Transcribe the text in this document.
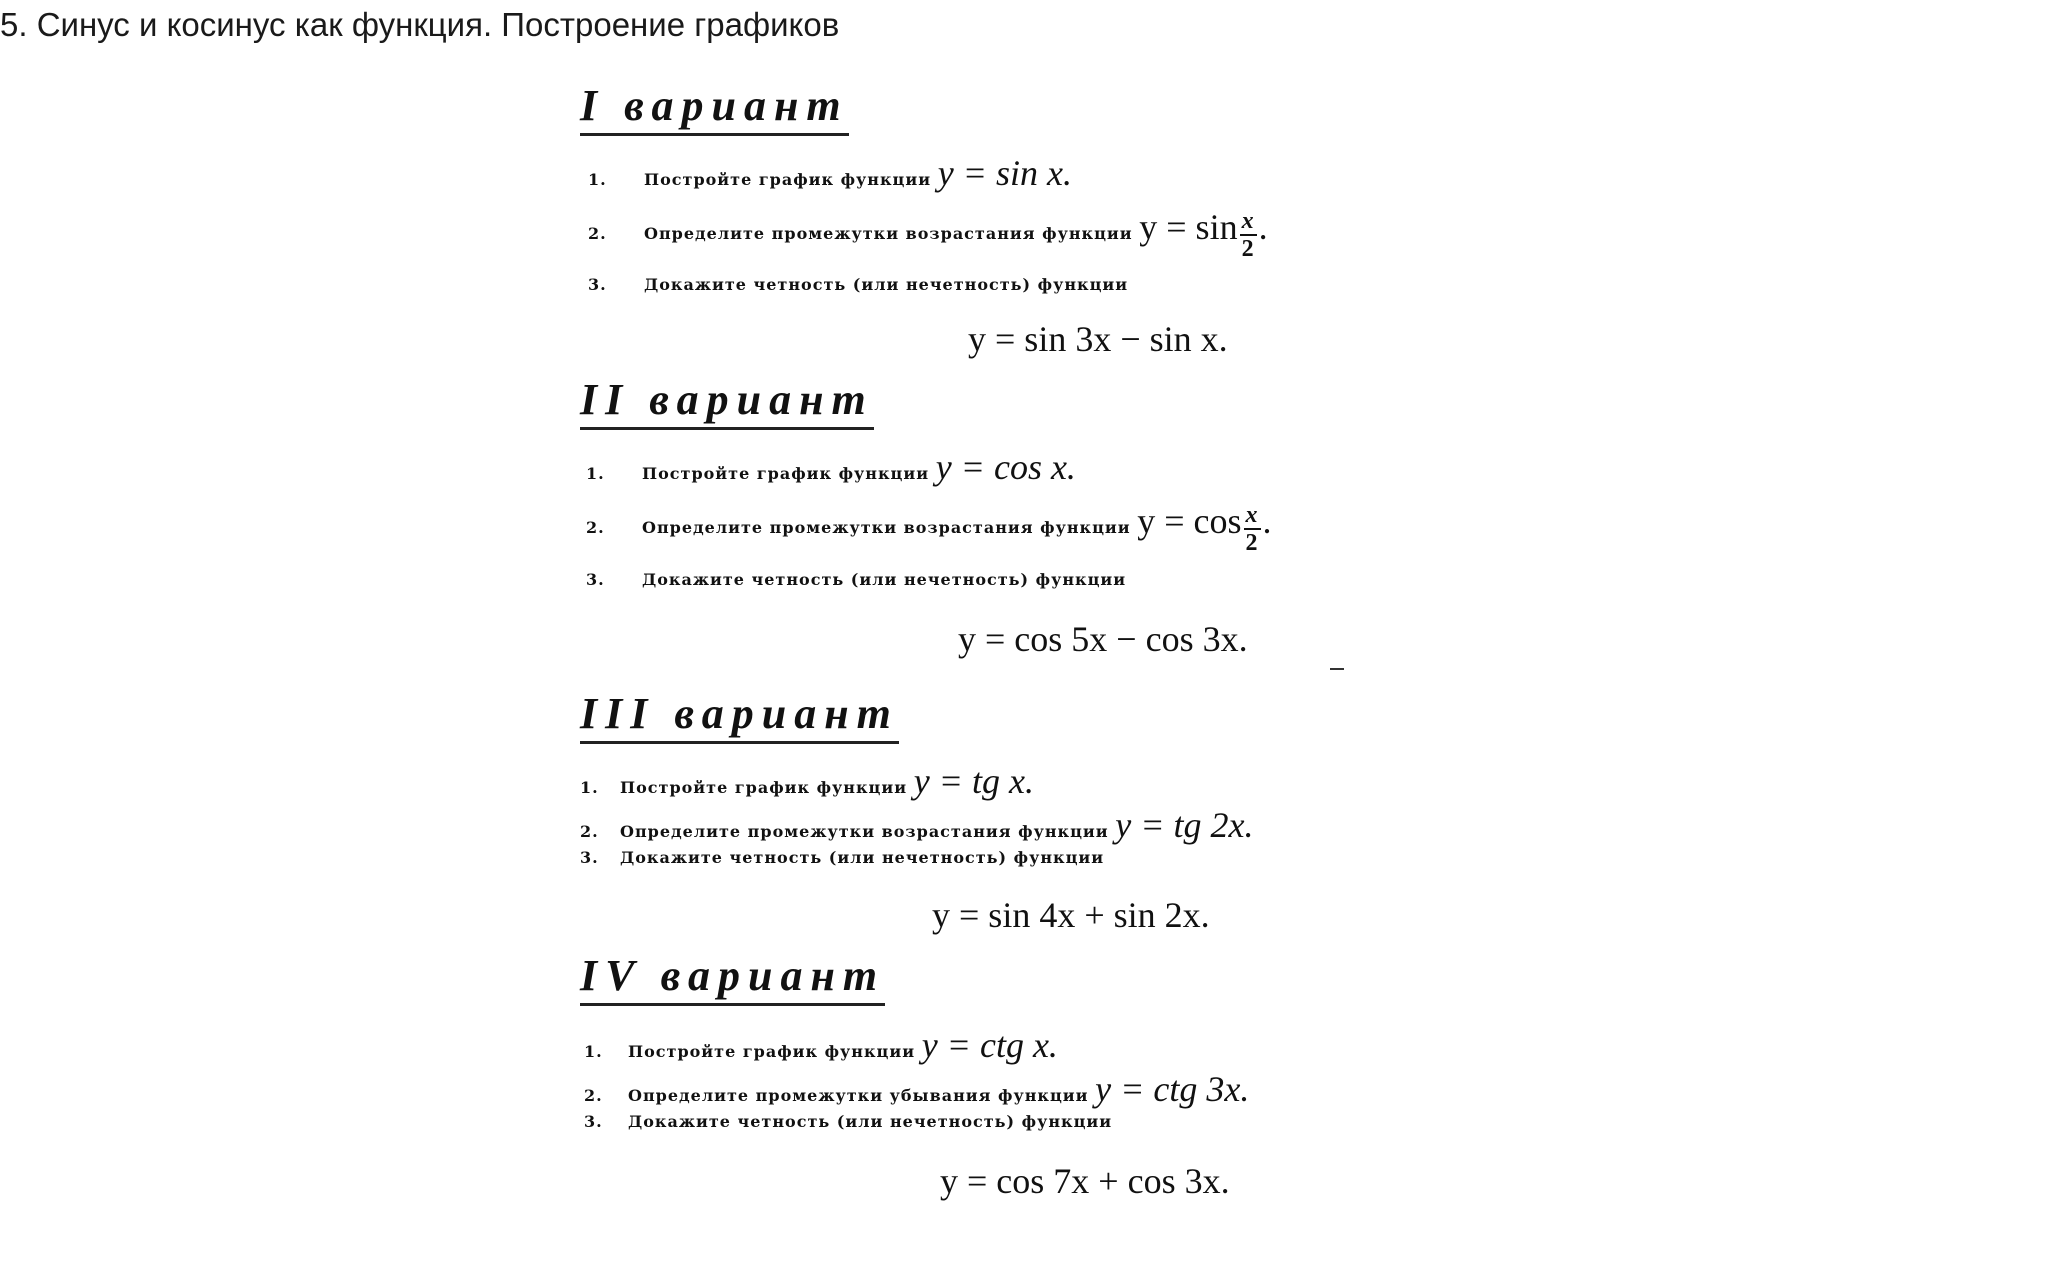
5. Синус и косинус как функция. Построение графиков
I вариант
1. Постройте график функции y = sin x.
2. Определите промежутки возрастания функции $y = \sin \frac{x}{2}$ .
3. Докажите четность (или нечетность) функции
y = sin 3x − sin x.
II вариант
1. Постройте график функции y = cos x.
2. Определите промежутки возрастания функции $y = \cos \frac{x}{2}$ .
3. Докажите четность (или нечетность) функции
y = cos 5x − cos 3x.
III вариант
1. Постройте график функции y = tg x.
2. Определите промежутки возрастания функции y = tg 2x.
3. Докажите четность (или нечетность) функции
y = sin 4x + sin 2x.
IV вариант
1. Постройте график функции y = ctg x.
2. Определите промежутки убывания функции y = ctg 3x.
3. Докажите четность (или нечетность) функции
y = cos 7x + cos 3x.
